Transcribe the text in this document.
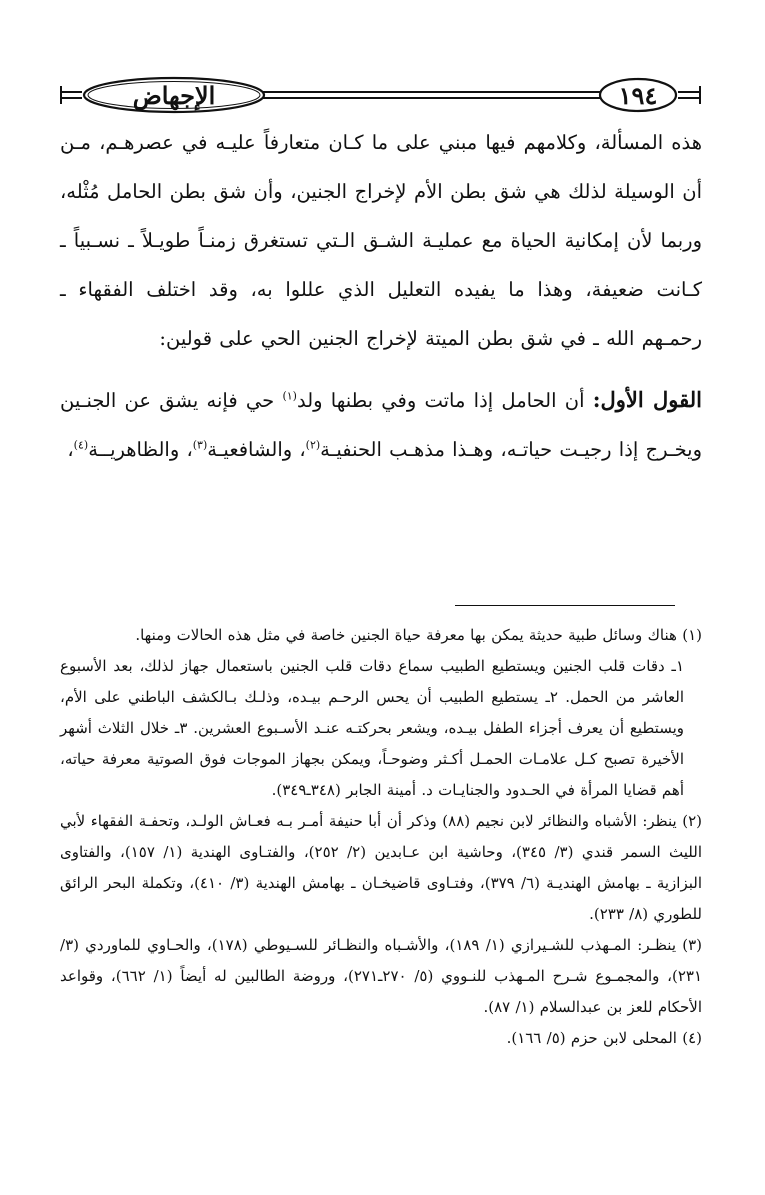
١٩٤
الإجهاض

هذه المسألة، وكلامهم فيها مبني على ما كـان متعارفاً عليـه في عصرهـم، مـن أن الوسيلة لذلك هي شق بطن الأم لإخراج الجنين، وأن شق بطن الحامل مُثْله، وربما لأن إمكانية الحياة مع عمليـة الشـق الـتي تستغرق زمنـاً طويـلاً ـ نسـبياً ـ كـانت ضعيفة، وهذا ما يفيده التعليل الذي عللوا به، وقد اختلف الفقهاء ـ رحمـهم الله ـ في شق بطن الميتة لإخراج الجنين الحي على قولين:

القول الأول: أن الحامل إذا ماتت وفي بطنها ولد$^{(١)}$ حي فإنه يشق عن الجنـين ويخـرج إذا رجيـت حياتـه، وهـذا مذهـب الحنفيـة$^{(٢)}$، والشافعيـة$^{(٣)}$، والظاهريــة$^{(٤)}$،

(١) هناك وسائل طبية حديثة يمكن بها معرفة حياة الجنين خاصة في مثل هذه الحالات ومنها.

١ـ دقات قلب الجنين ويستطيع الطبيب سماع دقات قلب الجنين باستعمال جهاز لذلك، بعد الأسبوع العاشر من الحمل. ٢ـ يستطيع الطبيب أن يحس الرحـم بيـده، وذلـك بـالكشف الباطني على الأم، ويستطيع أن يعرف أجزاء الطفل بيـده، ويشعر بحركتـه عنـد الأسـبوع العشرين. ٣ـ خلال الثلاث أشهر الأخيرة تصبح كـل علامـات الحمـل أكـثر وضوحـاً، ويمكن بجهاز الموجات فوق الصوتية معرفة حياته، أهم قضايا المرأة في الحـدود والجنايـات د. أمينة الجابر (٣٤٨ـ٣٤٩).

(٢) ينظر: الأشباه والنظائر لابن نجيم (٨٨) وذكر أن أبا حنيفة أمـر بـه فعـاش الولـد، وتحفـة الفقهاء لأبي الليث السمر قندي (٣/ ٣٤٥)، وحاشية ابن عـابدين (٢/ ٢٥٢)، والفتـاوى الهندية (١/ ١٥٧)، والفتاوى البزازية ـ بهامش الهنديـة (٦/ ٣٧٩)، وفتـاوى قاضيخـان ـ بهامش الهندية (٣/ ٤١٠)، وتكملة البحر الرائق للطوري (٨/ ٢٣٣).

(٣) ينظـر: المـهذب للشـيرازي (١/ ١٨٩)، والأشـباه والنظـائر للسـيوطي (١٧٨)، والحـاوي للماوردي (٣/ ٢٣١)، والمجمـوع شـرح المـهذب للنـووي (٥/ ٢٧٠ـ٢٧١)، وروضة الطالبين له أيضاً (١/ ٦٦٢)، وقواعد الأحكام للعز بن عبدالسلام (١/ ٨٧).

(٤) المحلى لابن حزم (٥/ ١٦٦).
